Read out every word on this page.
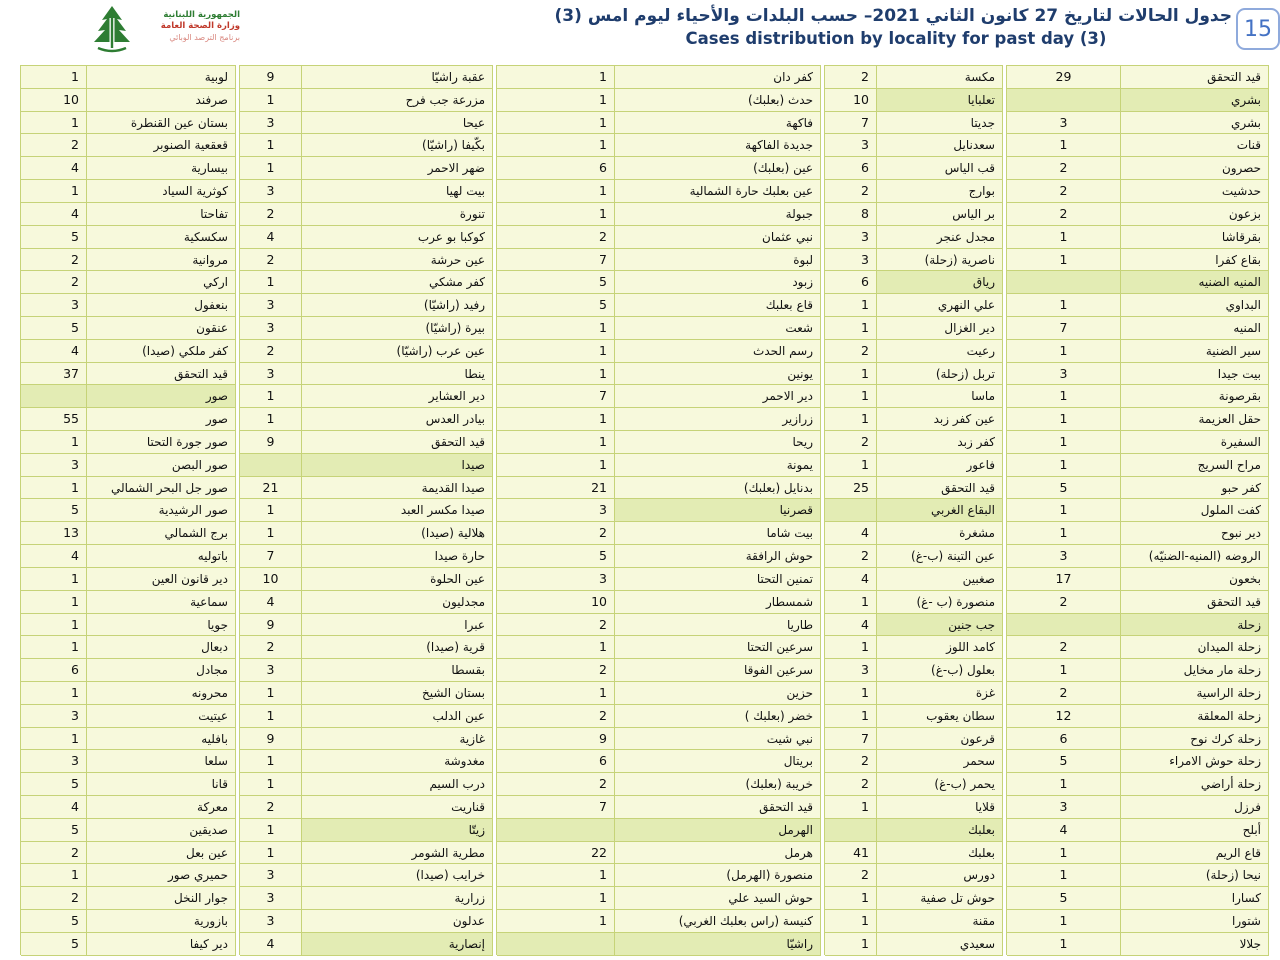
الجمهورية اللبنانية
وزارة الصحة العامة
برنامج الترصد الوبائي
جدول الحالات لتاريخ 27 كانون الثاني 2021– حسب البلدات والأحياء ليوم امس (3)
Cases distribution by locality for past day (3)	15
1	لوبية
10	صرفند
1	بستان عين القنطرة
2	قعقعية الصنوبر
4	بيسارية
1	كوثرية السياد
4	تفاحتا
5	سكسكية
2	مروانية
2	اركي
3	بنعفول
5	عنقون
4	كفر ملكي (صيدا)
37	قيد التحقق
صور
55	صور
1	صور جورة التحتا
3	صور البصن
1	صور جل البحر الشمالي
5	صور الرشيدية
13	برج الشمالي
4	باتوليه
1	دير قانون العين
1	سماعية
1	جويا
1	دبعال
6	مجادل
1	محرونه
3	عيتيت
1	بافليه
3	سلعا
5	قانا
4	معركة
5	صديقين
2	عين بعل
1	حميري صور
2	جوار النخل
5	بازورية
5	دير كيفا
9	عقبة راشيّا
1	مزرعة جب فرح
3	عيحا
1	بكّيفا (راشيّا)
1	ضهر الاحمر
3	بيت لهيا
2	تنورة
4	كوكبا بو عرب
2	عين حرشة
1	كفر مشكي
3	رفيد (راشيّا)
3	بيرة (راشيّا)
2	عين عرب (راشيّا)
3	ينطا
1	دير العشاير
1	بيادر العدس
9	قيد التحقق
صيدا
21	صيدا القديمة
1	صيدا مكسر العبد
1	هلالية (صيدا)
7	حارة صيدا
10	عين الحلوة
4	مجدليون
9	عبرا
2	قرية (صيدا)
3	بقسطا
1	بستان الشيخ
1	عين الدلب
9	غازية
1	مغدوشة
1	درب السيم
2	قناريت
1	زيتّا
1	مطرية الشومر
3	خرايب (صيدا)
3	زرارية
3	عدلون
4	إنصارية
1	كفر دان
1	حدث (بعلبك)
1	فاكهة
1	جديدة الفاكهة
6	عين (بعلبك)
1	عين بعلبك حارة الشمالية
1	جبولة
2	نبي عثمان
7	لبوة
5	زبود
5	قاع بعلبك
1	شعت
1	رسم الحدث
1	يونين
7	دير الاحمر
1	زرازير
1	ريحا
1	يمونة
21	بدنايل (بعلبك)
3	قصرنيا
2	بيت شاما
5	حوش الرافقة
3	تمنين التحتا
10	شمسطار
2	طاريا
1	سرعين التحتا
2	سرعين الفوقا
1	حزين
2	خضر (بعلبك )
9	نبي شيت
6	بريتال
2	خريبة (بعلبك)
7	قيد التحقق
الهرمل
22	هرمل
1	منصورة (الهرمل)
1	حوش السيد علي
1	كنيسة (راس بعلبك الغربي)
راشيّا
2	مكسة
10	تعلبايا
7	جديتا
3	سعدنايل
6	قب الياس
2	بوارج
8	بر الياس
3	مجدل عنجر
3	ناصرية (زحلة)
6	رياق
1	علي النهري
1	دير الغزال
2	رعيت
1	تربل (زحلة)
1	ماسا
1	عين كفر زبد
2	كفر زبد
1	فاعور
25	قيد التحقق
البقاع الغربي
4	مشغرة
2	عين التينة (ب-غ)
4	صغبين
1	منصورة (ب -غ)
4	جب جنين
1	كامد اللوز
3	بعلول (ب-غ)
1	غزة
1	سطان يعقوب
7	قرعون
2	سحمر
2	يحمر (ب-غ)
1	قلايا
بعلبك
41	بعلبك
2	دورس
1	حوش تل صفية
1	مقنة
1	سعيدي
29	قيد التحقق
بشري
3	بشري
1	قنات
2	حصرون
2	حدشيت
2	بزعون
1	بقرقاشا
1	بقاع كفرا
المنيه الضنيه
1	البداوي
7	المنيه
1	سير الضنية
3	بيت جيدا
1	بقرصونة
1	حقل العزيمة
1	السفيرة
1	مراح السريج
5	كفر حبو
1	كفت الملول
1	دير نبوح
3	الروضه (المنيه-الضنيّه)
17	بخعون
2	قيد التحقق
زحلة
2	زحلة الميدان
1	زحلة مار مخايل
2	زحلة الراسية
12	زحلة المعلقة
6	زحلة كرك نوح
5	زحلة حوش الامراء
1	زحلة أراضي
3	فرزل
4	أبلح
1	قاع الريم
1	نيحا (زحلة)
5	كسارا
1	شتورا
1	جلالا
